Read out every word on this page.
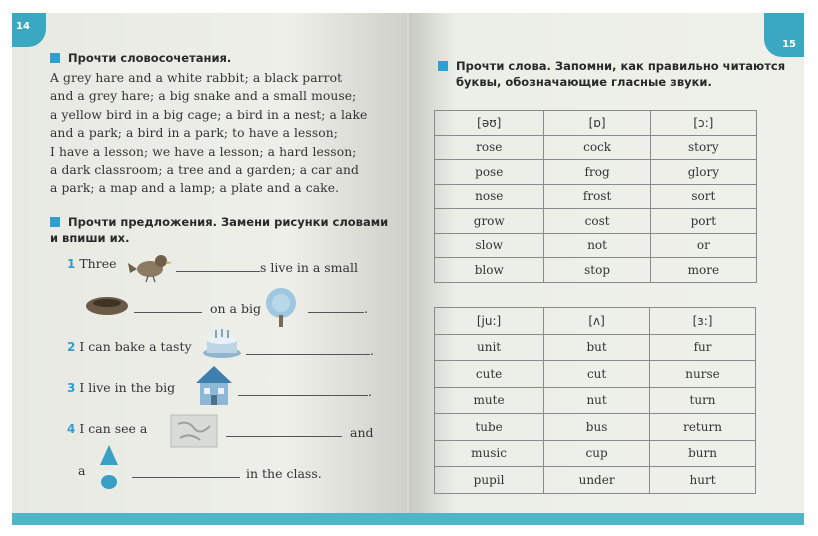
14
Прочти словосочетания.
A grey hare and a white rabbit; a black parrot
and a grey hare; a big snake and a small mouse;
a yellow bird in a big cage; a bird in a nest; a lake
and a park; a bird in a park; to have a lesson;
I have a lesson; we have a lesson; a hard lesson;
a dark classroom; a tree and a garden; a car and
a park; a map and a lamp; a plate and a cake.
Прочти предложения. Замени рисунки словами
и впиши их.
1 Three	s live in a small
on a big	.
2 I can bake a tasty	.
3 I live in the big	.
4 I can see a	and
a	in the class.
15
Прочти слова. Запомни, как правильно читаются
буквы, обозначающие гласные звуки.
[əʊ]	[ɒ]	[ɔ:]
rose	cock	story
pose	frog	glory
nose	frost	sort
grow	cost	port
slow	not	or
blow	stop	more
[ju:]	[ʌ]	[ɜ:]
unit	but	fur
cute	cut	nurse
mute	nut	turn
tube	bus	return
music	cup	burn
pupil	under	hurt
